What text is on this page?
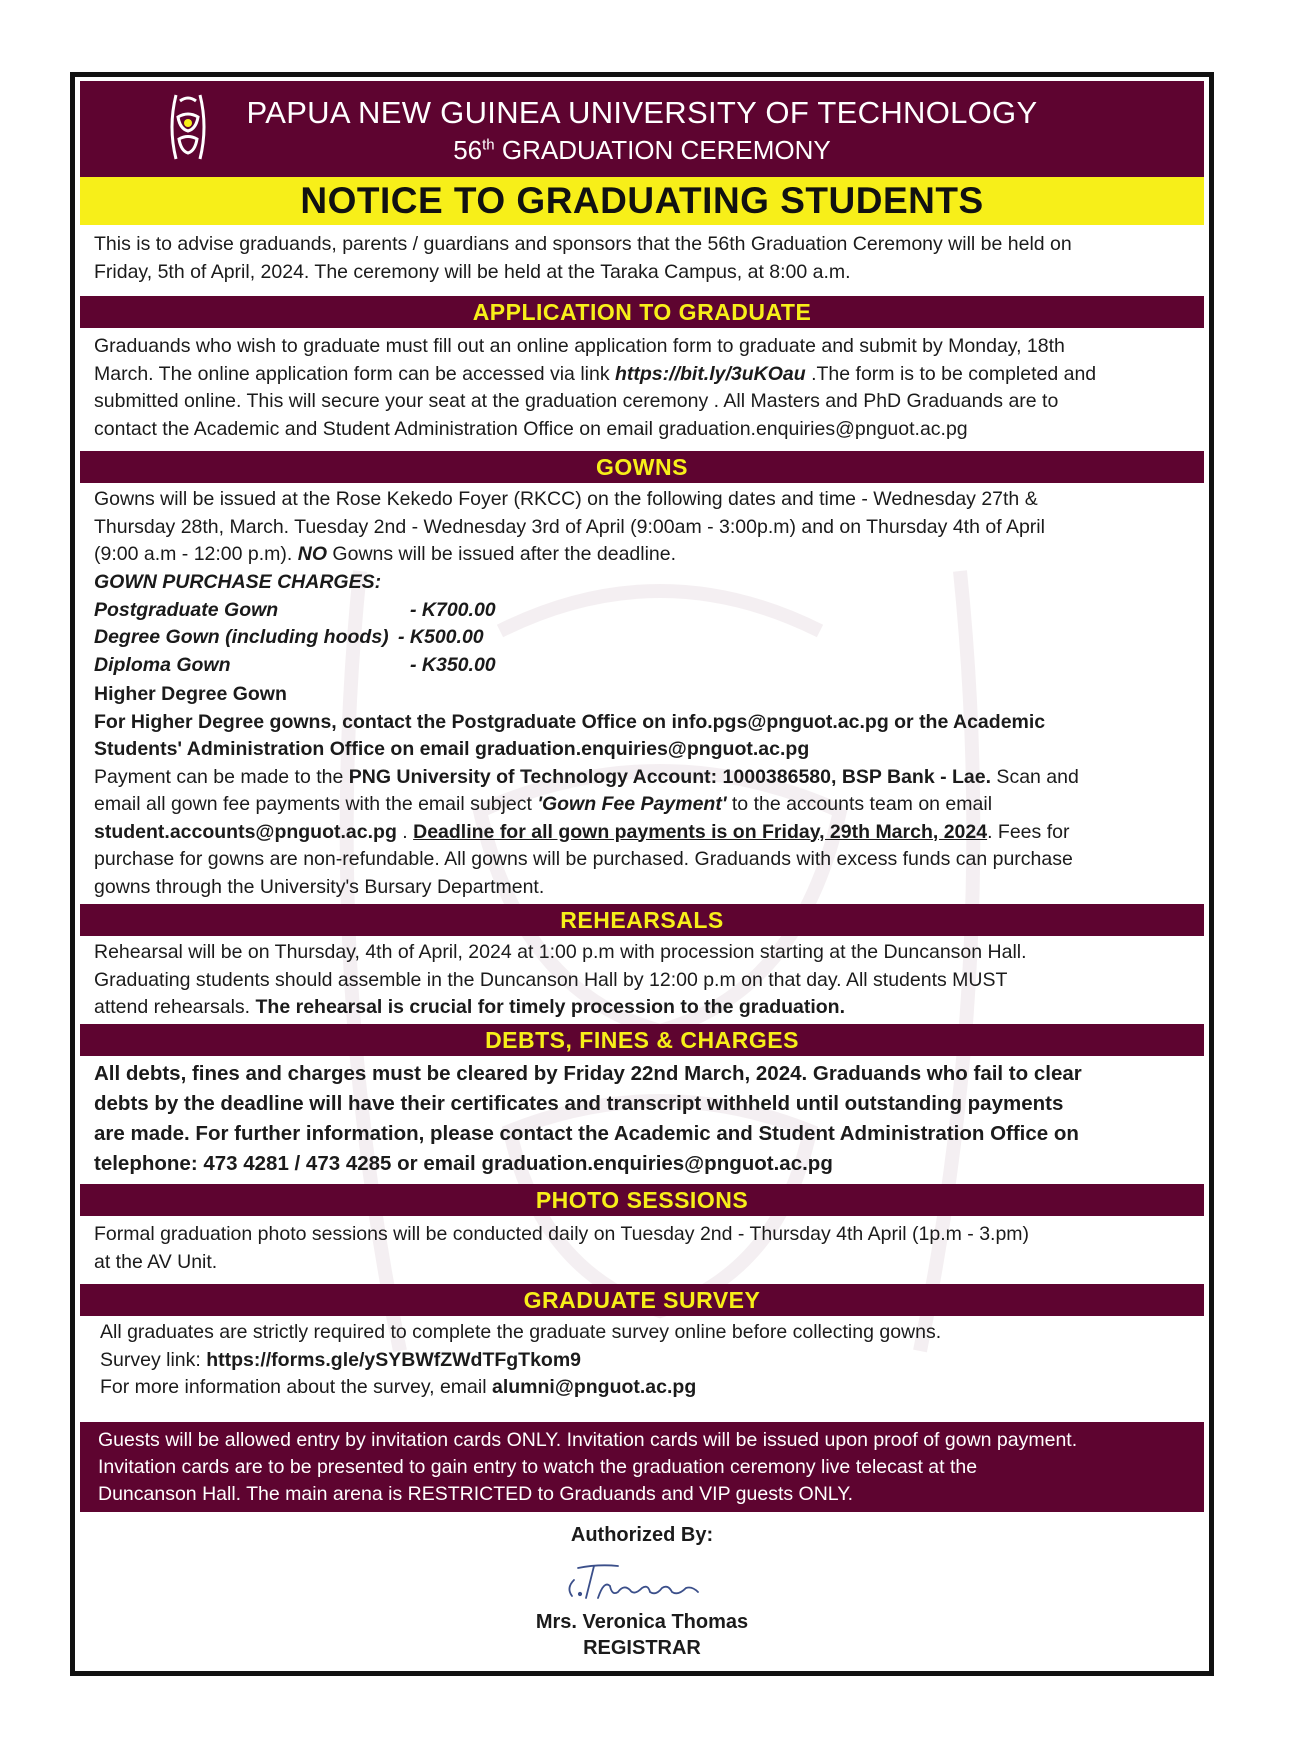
PAPUA NEW GUINEA UNIVERSITY OF TECHNOLOGY
56th GRADUATION CEREMONY
NOTICE TO GRADUATING STUDENTS
This is to advise graduands, parents / guardians and sponsors that the 56th Graduation Ceremony will be held on
Friday, 5th of April, 2024. The ceremony will be held at the Taraka Campus, at 8:00 a.m.
APPLICATION TO GRADUATE
Graduands who wish to graduate must fill out an online application form to graduate and submit by Monday, 18th
March. The online application form can be accessed via link https://bit.ly/3uKOau .The form is to be completed and
submitted online. This will secure your seat at the graduation ceremony . All Masters and PhD Graduands are to
contact the Academic and Student Administration Office on email graduation.enquiries@pnguot.ac.pg
GOWNS
Gowns will be issued at the Rose Kekedo Foyer (RKCC) on the following dates and time - Wednesday 27th &
Thursday 28th, March. Tuesday 2nd - Wednesday 3rd of April (9:00am - 3:00p.m) and on Thursday 4th of April
(9:00 a.m - 12:00 p.m). NO Gowns will be issued after the deadline.
GOWN PURCHASE CHARGES:
Postgraduate Gown	- K700.00
Degree Gown (including hoods) - K500.00
Diploma Gown	- K350.00
Higher Degree Gown
For Higher Degree gowns, contact the Postgraduate Office on info.pgs@pnguot.ac.pg or the Academic
Students' Administration Office on email graduation.enquiries@pnguot.ac.pg
Payment can be made to the PNG University of Technology Account: 1000386580, BSP Bank - Lae. Scan and
email all gown fee payments with the email subject 'Gown Fee Payment' to the accounts team on email
student.accounts@pnguot.ac.pg . Deadline for all gown payments is on Friday, 29th March, 2024. Fees for
purchase for gowns are non-refundable. All gowns will be purchased. Graduands with excess funds can purchase
gowns through the University's Bursary Department.
REHEARSALS
Rehearsal will be on Thursday, 4th of April, 2024 at 1:00 p.m with procession starting at the Duncanson Hall.
Graduating students should assemble in the Duncanson Hall by 12:00 p.m on that day. All students MUST
attend rehearsals. The rehearsal is crucial for timely procession to the graduation.
DEBTS, FINES & CHARGES
All debts, fines and charges must be cleared by Friday 22nd March, 2024. Graduands who fail to clear
debts by the deadline will have their certificates and transcript withheld until outstanding payments
are made. For further information, please contact the Academic and Student Administration Office on
telephone: 473 4281 / 473 4285 or email graduation.enquiries@pnguot.ac.pg
PHOTO SESSIONS
Formal graduation photo sessions will be conducted daily on Tuesday 2nd - Thursday 4th April (1p.m - 3.pm)
at the AV Unit.
GRADUATE SURVEY
All graduates are strictly required to complete the graduate survey online before collecting gowns.
Survey link: https://forms.gle/ySYBWfZWdTFgTkom9
For more information about the survey, email alumni@pnguot.ac.pg
Guests will be allowed entry by invitation cards ONLY. Invitation cards will be issued upon proof of gown payment.
Invitation cards are to be presented to gain entry to watch the graduation ceremony live telecast at the
Duncanson Hall. The main arena is RESTRICTED to Graduands and VIP guests ONLY.
Authorized By:
Mrs. Veronica Thomas
REGISTRAR
